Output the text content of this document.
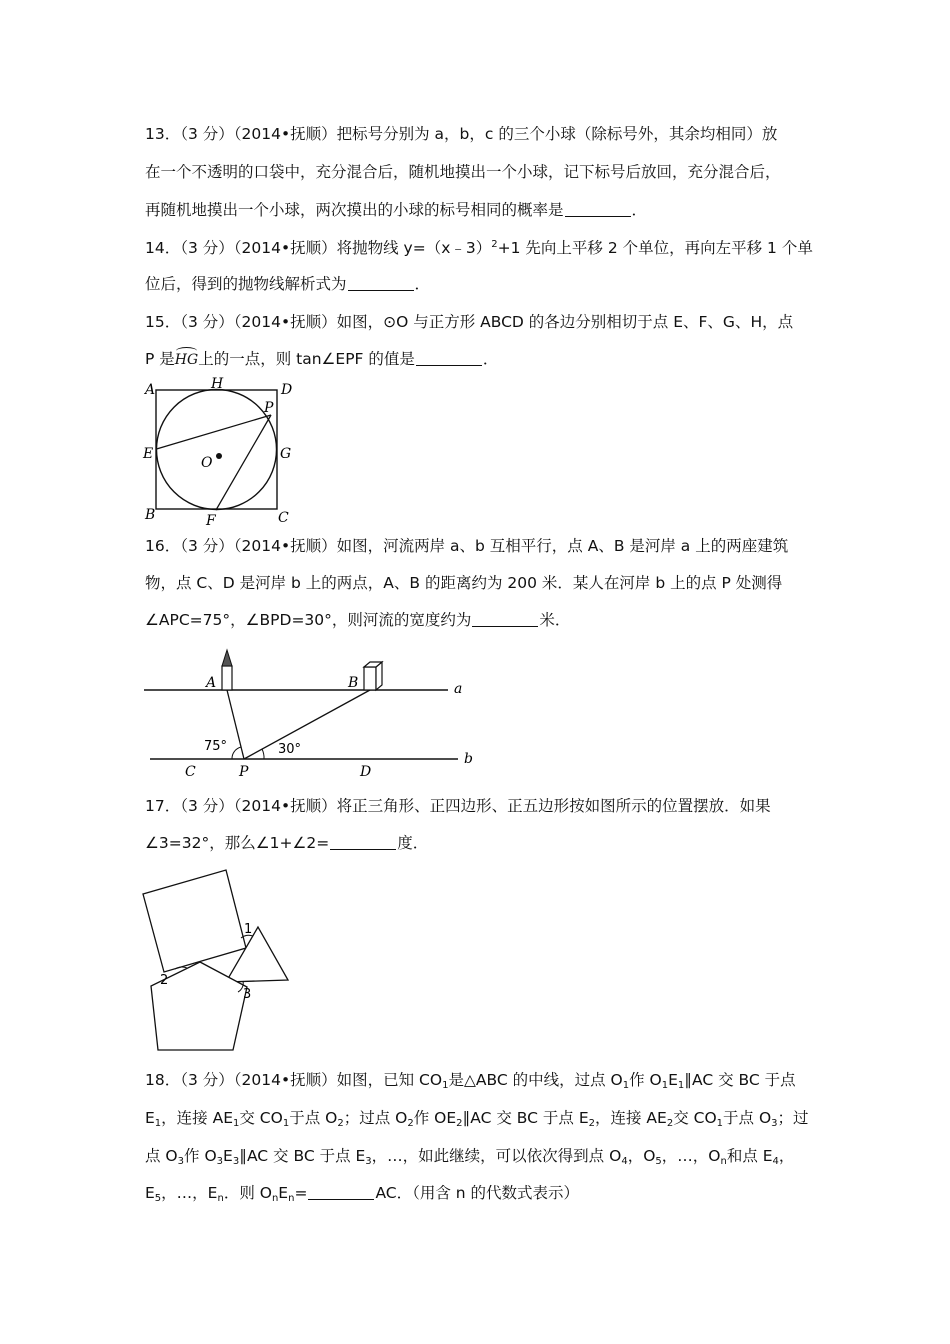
13．（3 分）（2014•抚顺）把标号分别为 a，b，c 的三个小球（除标号外，其余均相同）放
在一个不透明的口袋中，充分混合后，随机地摸出一个小球，记下标号后放回，充分混合后，
再随机地摸出一个小球，两次摸出的小球的标号相同的概率是	．
14．（3 分）（2014•抚顺）将抛物线 y=（x﹣3）$^2$+1 先向上平移 2 个单位，再向左平移 1 个单
位后，得到的抛物线解析式为	．
15．（3 分）（2014•抚顺）如图，⊙O 与正方形 ABCD 的各边分别相切于点 E、F、G、H，点
P 是HG上的一点，则 tan∠EPF 的值是	．
A	H	D
P
E
O
G
B	F	C
16．（3 分）（2014•抚顺）如图，河流两岸 a、b 互相平行，点 A、B 是河岸 a 上的两座建筑
物，点 C、D 是河岸 b 上的两点，A、B 的距离约为 200 米．某人在河岸 b 上的点 P 处测得
∠APC=75°，∠BPD=30°，则河流的宽度约为	米．
A	B	a
b
C	P	D
75°	30°
17．（3 分）（2014•抚顺）将正三角形、正四边形、正五边形按如图所示的位置摆放．如果
∠3=32°，那么∠1+∠2=	度．
1
2
3
18．（3 分）（2014•抚顺）如图，已知 $CO_1$是△ABC 的中线，过点 $O_1$作 $O_1E_1\parallel AC$ 交 BC 于点
$E_1$，连接 $AE_1$交 $CO_1$于点 $O_2$；过点 $O_2$作 $OE_2\parallel AC$ 交 BC 于点 $E_2$，连接 $AE_2$交 $CO_1$于点 $O_3$；过
点 $O_3$作 $O_3E_3\parallel AC$ 交 BC 于点 $E_3$，…，如此继续，可以依次得到点 $O_4$，$O_5$，…，$O_n$和点 $E_4$，
$E_5$，…，$E_n$．则 $O_nE_n=$	AC．（用含 n 的代数式表示）
